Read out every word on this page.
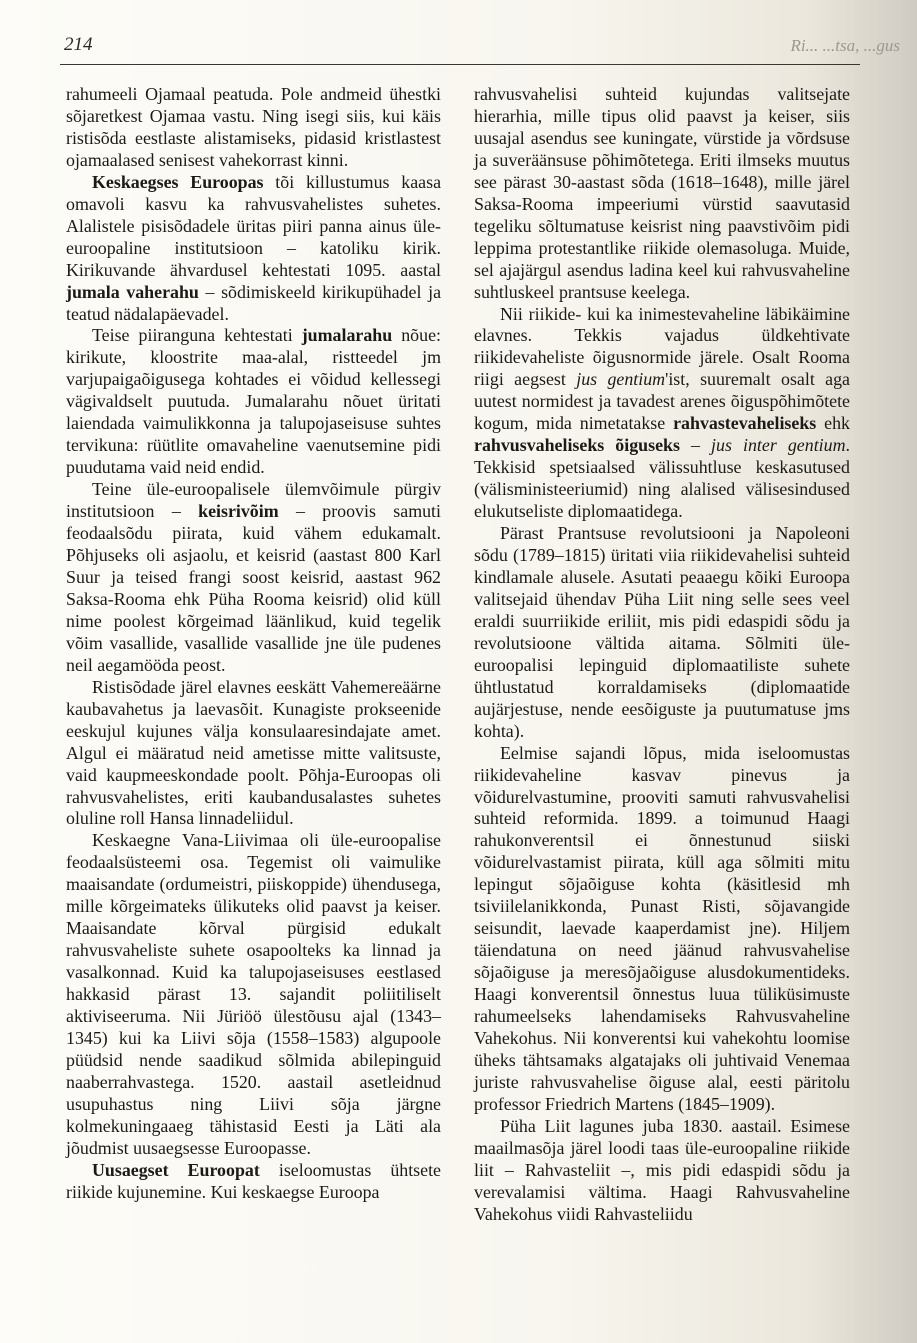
214	Ri... ...tsa, ...gus

rahumeeli Ojamaal peatuda. Pole andmeid ühestki sõjaretkest Ojamaa vastu. Ning isegi siis, kui käis ristisõda eestlaste alistamiseks, pidasid kristlastest ojamaalased senisest vahekorrast kinni.

Keskaegses Euroopas tõi killustumus kaasa omavoli kasvu ka rahvusvahelistes suhetes. Alalistele pisisõdadele üritas piiri panna ainus üle-euroopaline institutsioon – katoliku kirik. Kirikuvande ähvardusel kehtestati 1095. aastal jumala vaherahu – sõdimiskeeld kirikupühadel ja teatud nädalapäevadel.

Teise piiranguna kehtestati jumalarahu nõue: kirikute, kloostrite maa-alal, ristteedel jm varjupaigaõigusega kohtades ei võidud kellessegi vägivaldselt puutuda. Jumalarahu nõuet üritati laiendada vaimulikkonna ja talupojaseisuse suhtes tervikuna: rüütlite omavaheline vaenutsemine pidi puudutama vaid neid endid.

Teine üle-euroopalisele ülemvõimule pürgiv institutsioon – keisrivõim – proovis samuti feodaalsõdu piirata, kuid vähem edukamalt. Põhjuseks oli asjaolu, et keisrid (aastast 800 Karl Suur ja teised frangi soost keisrid, aastast 962 Saksa-Rooma ehk Püha Rooma keisrid) olid küll nime poolest kõrgeimad läänlikud, kuid tegelik võim vasallide, vasallide vasallide jne üle pudenes neil aegamööda peost.

Ristisõdade järel elavnes eeskätt Vahemereäärne kaubavahetus ja laevasõit. Kunagiste prokseenide eeskujul kujunes välja konsulaaresindajate amet. Algul ei määratud neid ametisse mitte valitsuste, vaid kaupmeeskondade poolt. Põhja-Euroopas oli rahvusvahelistes, eriti kaubandusalastes suhetes oluline roll Hansa linnadeliidul.

Keskaegne Vana-Liivimaa oli üle-euroopalise feodaalsüsteemi osa. Tegemist oli vaimulike maaisandate (ordumeistri, piiskoppide) ühendusega, mille kõrgeimateks ülikuteks olid paavst ja keiser. Maaisandate kõrval pürgisid edukalt rahvusvaheliste suhete osapoolteks ka linnad ja vasalkonnad. Kuid ka talupojaseisuses eestlased hakkasid pärast 13. sajandit poliitiliselt aktiviseeruma. Nii Jüriöö ülestõusu ajal (1343–1345) kui ka Liivi sõja (1558–1583) algupoole püüdsid nende saadikud sõlmida abilepinguid naaberrahvastega. 1520. aastail asetleidnud usupuhastus ning Liivi sõja järgne kolmekuningaaeg tähistasid Eesti ja Läti ala jõudmist uusaegsesse Euroopasse.

Uusaegset Euroopat iseloomustas ühtsete riikide kujunemine. Kui keskaegse Euroopa

rahvusvahelisi suhteid kujundas valitsejate hierarhia, mille tipus olid paavst ja keiser, siis uusajal asendus see kuningate, vürstide ja võrdsuse ja suveräänsuse põhimõtetega. Eriti ilmseks muutus see pärast 30-aastast sõda (1618–1648), mille järel Saksa-Rooma impeeriumi vürstid saavutasid tegeliku sõltumatuse keisrist ning paavstivõim pidi leppima protestantlike riikide olemasoluga. Muide, sel ajajärgul asendus ladina keel kui rahvusvaheline suhtluskeel prantsuse keelega.

Nii riikide- kui ka inimestevaheline läbikäimine elavnes. Tekkis vajadus üldkehtivate riikidevaheliste õigusnormide järele. Osalt Rooma riigi aegsest jus gentium'ist, suuremalt osalt aga uutest normidest ja tavadest arenes õiguspõhimõtete kogum, mida nimetatakse rahvastevaheliseks ehk rahvusvaheliseks õiguseks – jus inter gentium. Tekkisid spetsiaalsed välissuhtluse keskasutused (välisministeeriumid) ning alalised välisesindused elukutseliste diplomaatidega.

Pärast Prantsuse revolutsiooni ja Napoleoni sõdu (1789–1815) üritati viia riikidevahelisi suhteid kindlamale alusele. Asutati peaaegu kõiki Euroopa valitsejaid ühendav Püha Liit ning selle sees veel eraldi suurriikide eriliit, mis pidi edaspidi sõdu ja revolutsioone vältida aitama. Sõlmiti üle-euroopalisi lepinguid diplomaatiliste suhete ühtlustatud korraldamiseks (diplomaatide aujärjestuse, nende eesõiguste ja puutumatuse jms kohta).

Eelmise sajandi lõpus, mida iseloomustas riikidevaheline kasvav pinevus ja võidurelvastumine, prooviti samuti rahvusvahelisi suhteid reformida. 1899. a toimunud Haagi rahukonverentsil ei õnnestunud siiski võidurelvastamist piirata, küll aga sõlmiti mitu lepingut sõjaõiguse kohta (käsitlesid mh tsiviilelanikkonda, Punast Risti, sõjavangide seisundit, laevade kaaperdamist jne). Hiljem täiendatuna on need jäänud rahvusvahelise sõjaõiguse ja meresõjaõiguse alusdokumentideks. Haagi konverentsil õnnestus luua tüliküsimuste rahumeelseks lahendamiseks Rahvusvaheline Vahekohus. Nii konverentsi kui vahekohtu loomise üheks tähtsamaks algatajaks oli juhtivaid Venemaa juriste rahvusvahelise õiguse alal, eesti päritolu professor Friedrich Martens (1845–1909).

Püha Liit lagunes juba 1830. aastail. Esimese maailmasõja järel loodi taas üle-euroopaline riikide liit – Rahvasteliit –, mis pidi edaspidi sõdu ja verevalamisi vältima. Haagi Rahvusvaheline Vahekohus viidi Rahvasteliidu
